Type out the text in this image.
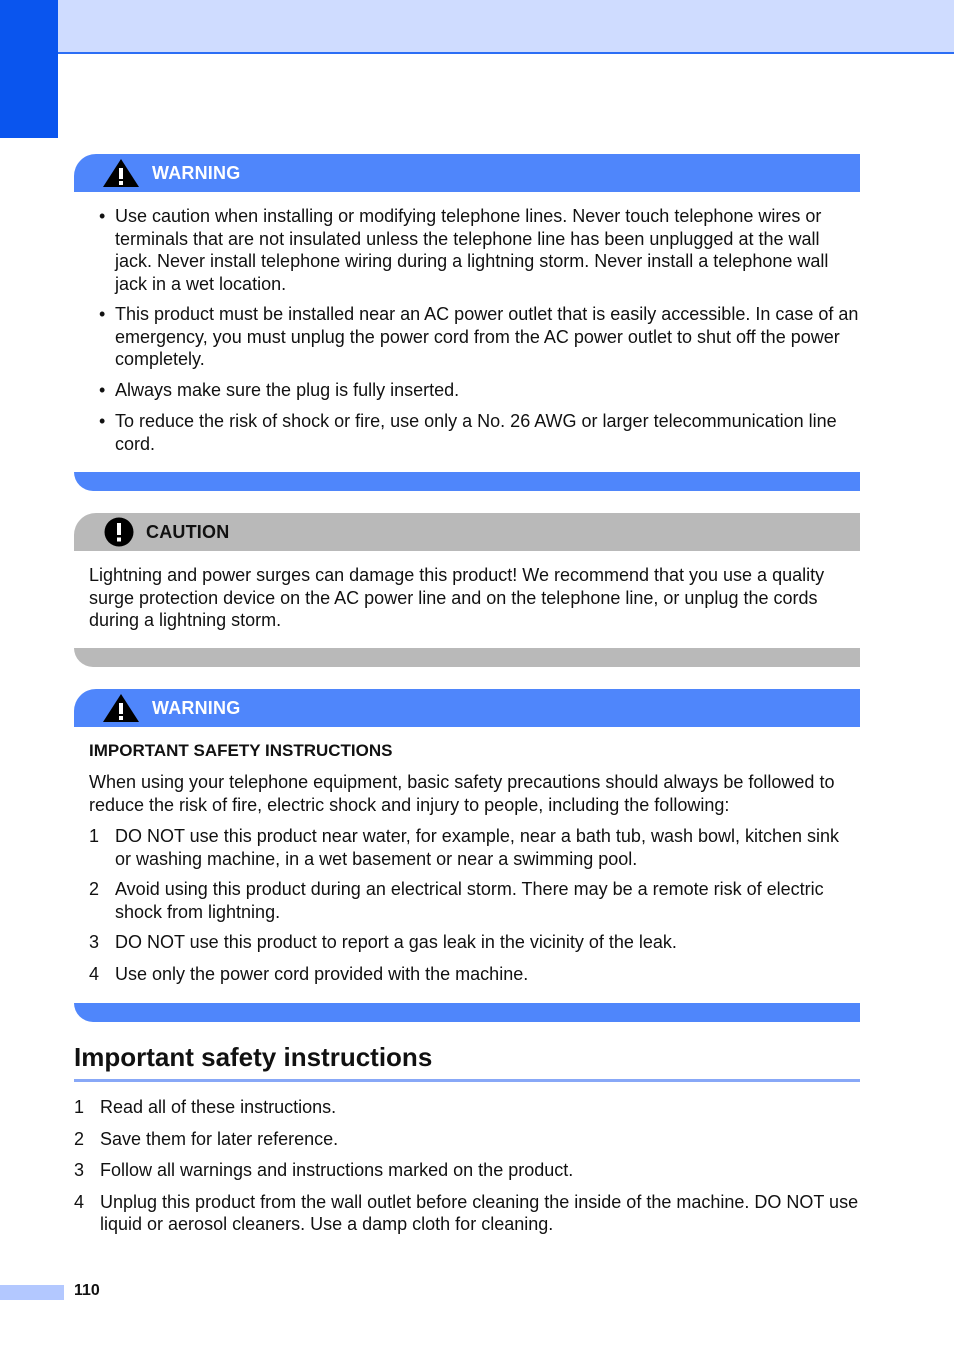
WARNING
• Use caution when installing or modifying telephone lines. Never touch telephone wires or terminals that are not insulated unless the telephone line has been unplugged at the wall jack. Never install telephone wiring during a lightning storm. Never install a telephone wall jack in a wet location.
• This product must be installed near an AC power outlet that is easily accessible. In case of an emergency, you must unplug the power cord from the AC power outlet to shut off the power completely.
• Always make sure the plug is fully inserted.
• To reduce the risk of shock or fire, use only a No. 26 AWG or larger telecommunication line cord.
CAUTION
Lightning and power surges can damage this product! We recommend that you use a quality surge protection device on the AC power line and on the telephone line, or unplug the cords during a lightning storm.
WARNING
IMPORTANT SAFETY INSTRUCTIONS
When using your telephone equipment, basic safety precautions should always be followed to reduce the risk of fire, electric shock and injury to people, including the following:
1 DO NOT use this product near water, for example, near a bath tub, wash bowl, kitchen sink or washing machine, in a wet basement or near a swimming pool.
2 Avoid using this product during an electrical storm. There may be a remote risk of electric shock from lightning.
3 DO NOT use this product to report a gas leak in the vicinity of the leak.
4 Use only the power cord provided with the machine.
Important safety instructions
1 Read all of these instructions.
2 Save them for later reference.
3 Follow all warnings and instructions marked on the product.
4 Unplug this product from the wall outlet before cleaning the inside of the machine. DO NOT use liquid or aerosol cleaners. Use a damp cloth for cleaning.
110
